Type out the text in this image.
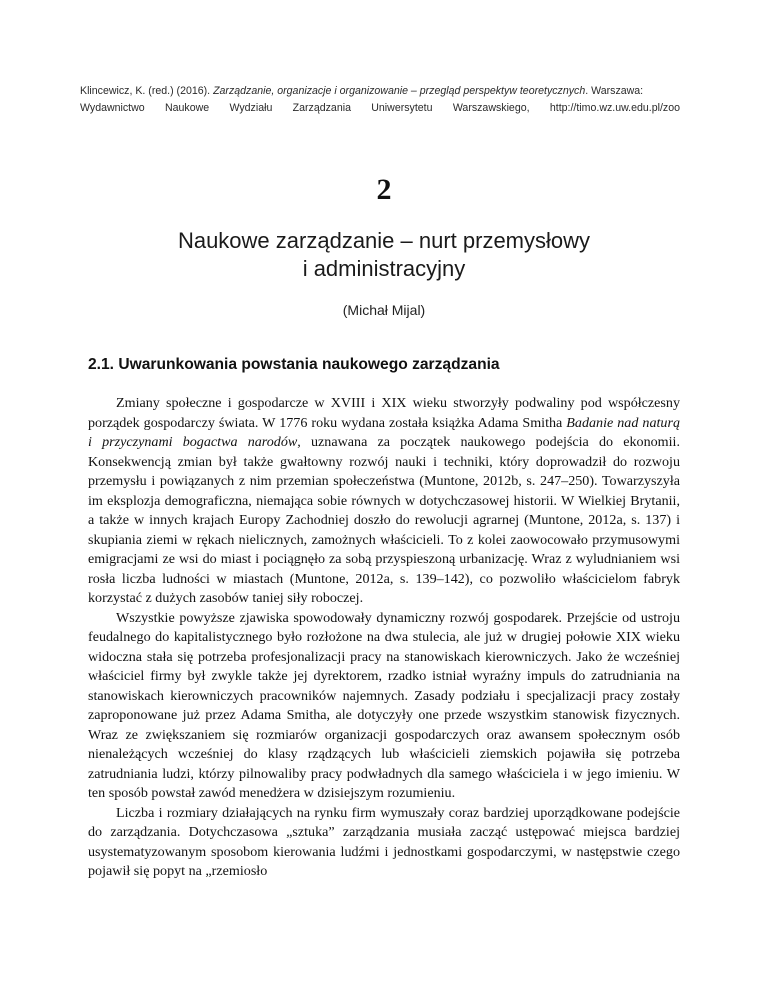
Klincewicz, K. (red.) (2016). Zarządzanie, organizacje i organizowanie – przegląd perspektyw teoretycznych. Warszawa:
Wydawnictwo Naukowe Wydziału Zarządzania Uniwersytetu Warszawskiego, http://timo.wz.uw.edu.pl/zoo
2
Naukowe zarządzanie – nurt przemysłowy
i administracyjny
(Michał Mijal)
2.1. Uwarunkowania powstania naukowego zarządzania

Zmiany społeczne i gospodarcze w XVIII i XIX wieku stworzyły podwaliny pod współczesny porządek gospodarczy świata. W 1776 roku wydana została książka Adama Smitha Badanie nad naturą i przyczynami bogactwa narodów, uznawana za początek naukowego podejścia do ekonomii. Konsekwencją zmian był także gwałtowny rozwój nauki i techniki, który doprowadził do rozwoju przemysłu i powiązanych z nim przemian społeczeństwa (Muntone, 2012b, s. 247–250). Towarzyszyła im eksplozja demograficzna, niemająca sobie równych w dotychczasowej historii. W Wielkiej Brytanii, a także w innych krajach Europy Zachodniej doszło do rewolucji agrarnej (Muntone, 2012a, s. 137) i skupiania ziemi w rękach nielicznych, zamożnych właścicieli. To z kolei zaowocowało przymusowymi emigracjami ze wsi do miast i pociągnęło za sobą przyspieszoną urbanizację. Wraz z wyludnianiem wsi rosła liczba ludności w miastach (Muntone, 2012a, s. 139–142), co pozwoliło właścicielom fabryk korzystać z dużych zasobów taniej siły roboczej.

Wszystkie powyższe zjawiska spowodowały dynamiczny rozwój gospodarek. Przejście od ustroju feudalnego do kapitalistycznego było rozłożone na dwa stulecia, ale już w drugiej połowie XIX wieku widoczna stała się potrzeba profesjonalizacji pracy na stanowiskach kierowniczych. Jako że wcześniej właściciel firmy był zwykle także jej dyrektorem, rzadko istniał wyraźny impuls do zatrudniania na stanowiskach kierowniczych pracowników najemnych. Zasady podziału i specjalizacji pracy zostały zaproponowane już przez Adama Smitha, ale dotyczyły one przede wszystkim stanowisk fizycznych. Wraz ze zwiększaniem się rozmiarów organizacji gospodarczych oraz awansem społecznym osób nienależących wcześniej do klasy rządzących lub właścicieli ziemskich pojawiła się potrzeba zatrudniania ludzi, którzy pilnowaliby pracy podwładnych dla samego właściciela i w jego imieniu. W ten sposób powstał zawód menedżera w dzisiejszym rozumieniu.

Liczba i rozmiary działających na rynku firm wymuszały coraz bardziej uporządkowane podejście do zarządzania. Dotychczasowa „sztuka” zarządzania musiała zacząć ustępować miejsca bardziej usystematyzowanym sposobom kierowania ludźmi i jednostkami gospodarczymi, w następstwie czego pojawił się popyt na „rzemiosło
